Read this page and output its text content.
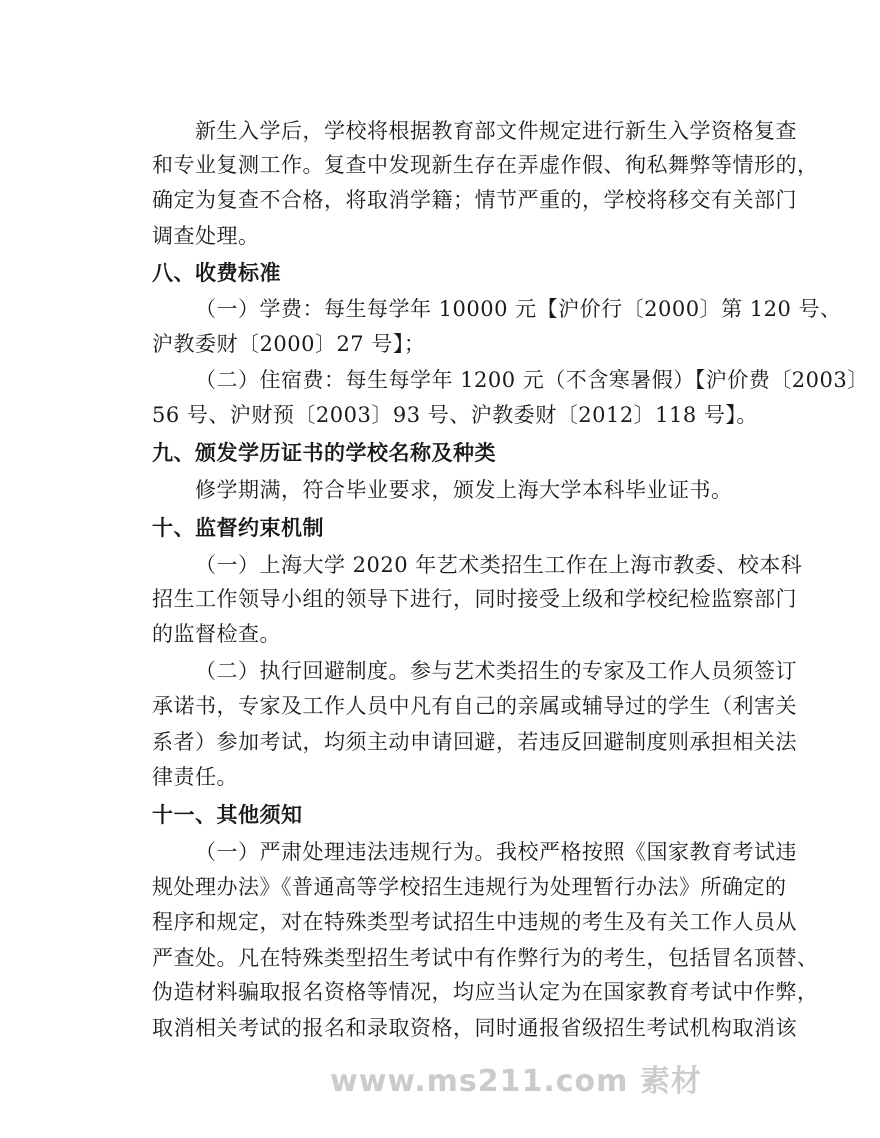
新生入学后，学校将根据教育部文件规定进行新生入学资格复查
和专业复测工作。复查中发现新生存在弄虚作假、徇私舞弊等情形的，
确定为复查不合格，将取消学籍；情节严重的，学校将移交有关部门
调查处理。
八、收费标准
（一）学费：每生每学年 10000 元【沪价行〔2000〕第 120 号、
沪教委财〔2000〕27 号】；
（二）住宿费：每生每学年 1200 元（不含寒暑假）【沪价费〔2003〕
56 号、沪财预〔2003〕93 号、沪教委财〔2012〕118 号】。
九、颁发学历证书的学校名称及种类
修学期满，符合毕业要求，颁发上海大学本科毕业证书。
十、监督约束机制
（一）上海大学 2020 年艺术类招生工作在上海市教委、校本科
招生工作领导小组的领导下进行，同时接受上级和学校纪检监察部门
的监督检查。
（二）执行回避制度。参与艺术类招生的专家及工作人员须签订
承诺书，专家及工作人员中凡有自己的亲属或辅导过的学生（利害关
系者）参加考试，均须主动申请回避，若违反回避制度则承担相关法
律责任。
十一、其他须知
（一）严肃处理违法违规行为。我校严格按照《国家教育考试违
规处理办法》《普通高等学校招生违规行为处理暂行办法》所确定的
程序和规定，对在特殊类型考试招生中违规的考生及有关工作人员从
严查处。凡在特殊类型招生考试中有作弊行为的考生，包括冒名顶替、
伪造材料骗取报名资格等情况，均应当认定为在国家教育考试中作弊，
取消相关考试的报名和录取资格，同时通报省级招生考试机构取消该
www.ms211.com 素材
